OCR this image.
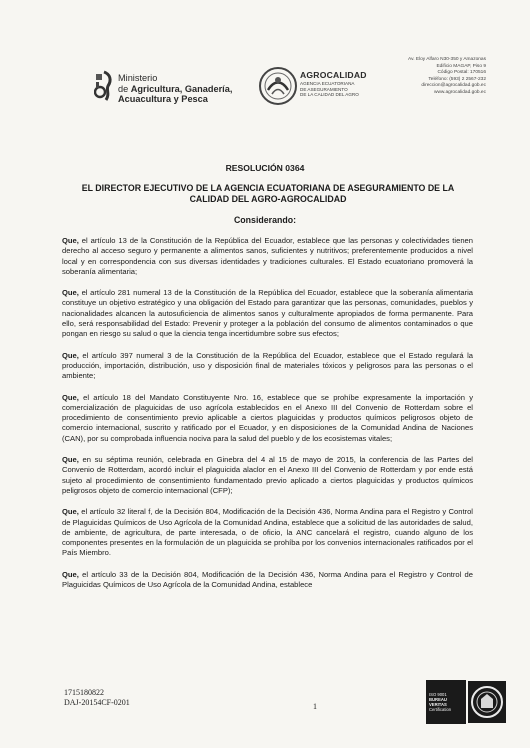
Ministerio
de Agricultura, Ganadería,
Acuacultura y Pesca
AGROCALIDAD
AGENCIA ECUATORIANA
DE ASEGURAMIENTO
DE LA CALIDAD DEL AGRO
Av. Eloy Alfaro N30-350 y Amazonas
Edificio MAGAP, Piso 9
Código Postal: 170516
Teléfono: (593) 2 2567-232
direccion@agrocalidad.gob.ec
www.agrocalidad.gob.ec
RESOLUCIÓN 0364
EL DIRECTOR EJECUTIVO DE LA AGENCIA ECUATORIANA DE ASEGURAMIENTO DE LA CALIDAD DEL AGRO-AGROCALIDAD
Considerando:

Que, el artículo 13 de la Constitución de la República del Ecuador, establece que las personas y colectividades tienen derecho al acceso seguro y permanente a alimentos sanos, suficientes y nutritivos; preferentemente producidos a nivel local y en correspondencia con sus diversas identidades y tradiciones culturales. El Estado ecuatoriano promoverá la soberanía alimentaria;

Que, el artículo 281 numeral 13 de la Constitución de la República del Ecuador, establece que la soberanía alimentaria constituye un objetivo estratégico y una obligación del Estado para garantizar que las personas, comunidades, pueblos y nacionalidades alcancen la autosuficiencia de alimentos sanos y culturalmente apropiados de forma permanente. Para ello, será responsabilidad del Estado: Prevenir y proteger a la población del consumo de alimentos contaminados o que pongan en riesgo su salud o que la ciencia tenga incertidumbre sobre sus efectos;

Que, el artículo 397 numeral 3 de la Constitución de la República del Ecuador, establece que el Estado regulará la producción, importación, distribución, uso y disposición final de materiales tóxicos y peligrosos para las personas o el ambiente;

Que, el artículo 18 del Mandato Constituyente Nro. 16, establece que se prohíbe expresamente la importación y comercialización de plaguicidas de uso agrícola establecidos en el Anexo III del Convenio de Rotterdam sobre el procedimiento de consentimiento previo aplicable a ciertos plaguicidas y productos químicos peligrosos objeto de comercio internacional, suscrito y ratificado por el Ecuador, y en disposiciones de la Comunidad Andina de Naciones (CAN), por su comprobada influencia nociva para la salud del pueblo y de los ecosistemas vitales;

Que, en su séptima reunión, celebrada en Ginebra del 4 al 15 de mayo de 2015, la conferencia de las Partes del Convenio de Rotterdam, acordó incluir el plaguicida alaclor en el Anexo III del Convenio de Rotterdam y por ende está sujeto al procedimiento de consentimiento fundamentado previo aplicado a ciertos plaguicidas y productos químicos peligrosos objeto de comercio internacional (CFP);

Que, el artículo 32 literal f, de la Decisión 804, Modificación de la Decisión 436, Norma Andina para el Registro y Control de Plaguicidas Químicos de Uso Agrícola de la Comunidad Andina, establece que a solicitud de las autoridades de salud, de ambiente, de agricultura, de parte interesada, o de oficio, la ANC cancelará el registro, cuando alguno de los componentes presentes en la formulación de un plaguicida se prohíba por los convenios internacionales ratificados por el País Miembro.

Que, el artículo 33 de la Decisión 804, Modificación de la Decisión 436, Norma Andina para el Registro y Control de Plaguicidas Químicos de Uso Agrícola de la Comunidad Andina, establece

1715180822
DAJ-20154CF-0201	1
ISO 9001
BUREAU VERITAS
Certification
